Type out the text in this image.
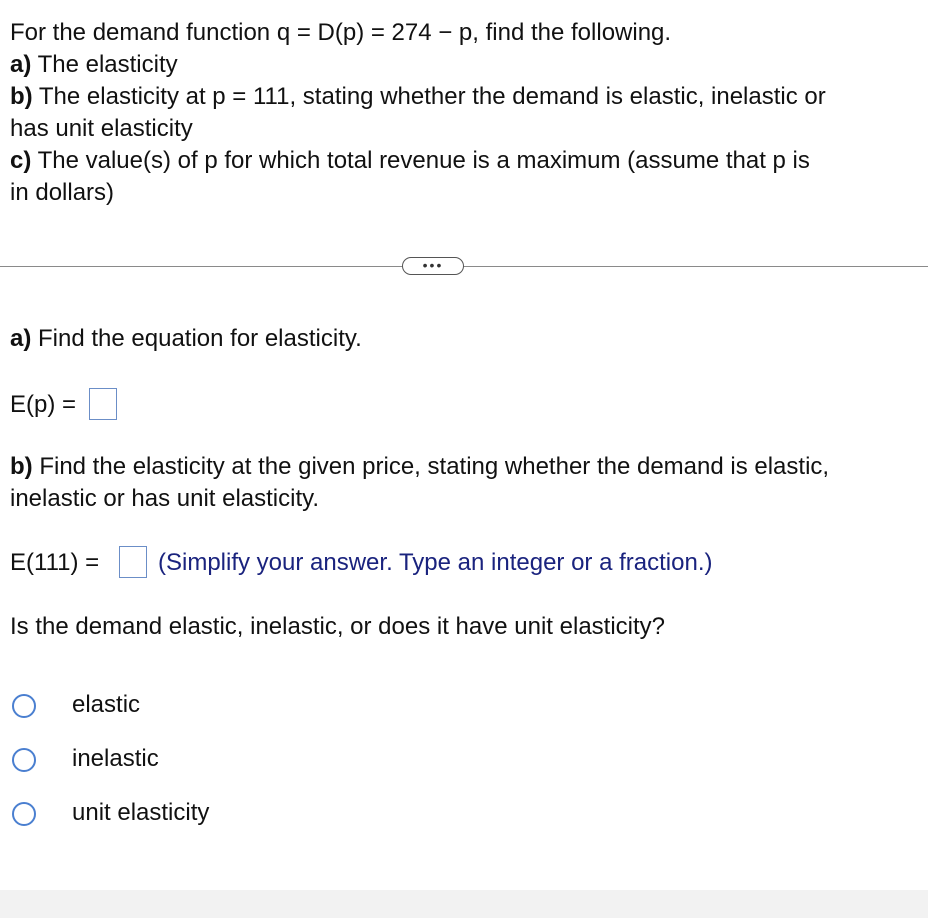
For the demand function q = D(p) = 274 − p, find the following.
a) The elasticity
b) The elasticity at p = 111, stating whether the demand is elastic, inelastic or
has unit elasticity
c) The value(s) of p for which total revenue is a maximum (assume that p is
in dollars)
•••
a) Find the equation for elasticity.
E(p) =
b) Find the elasticity at the given price, stating whether the demand is elastic,
inelastic or has unit elasticity.
E(111) = (Simplify your answer. Type an integer or a fraction.)
Is the demand elastic, inelastic, or does it have unit elasticity?
elastic
inelastic
unit elasticity
